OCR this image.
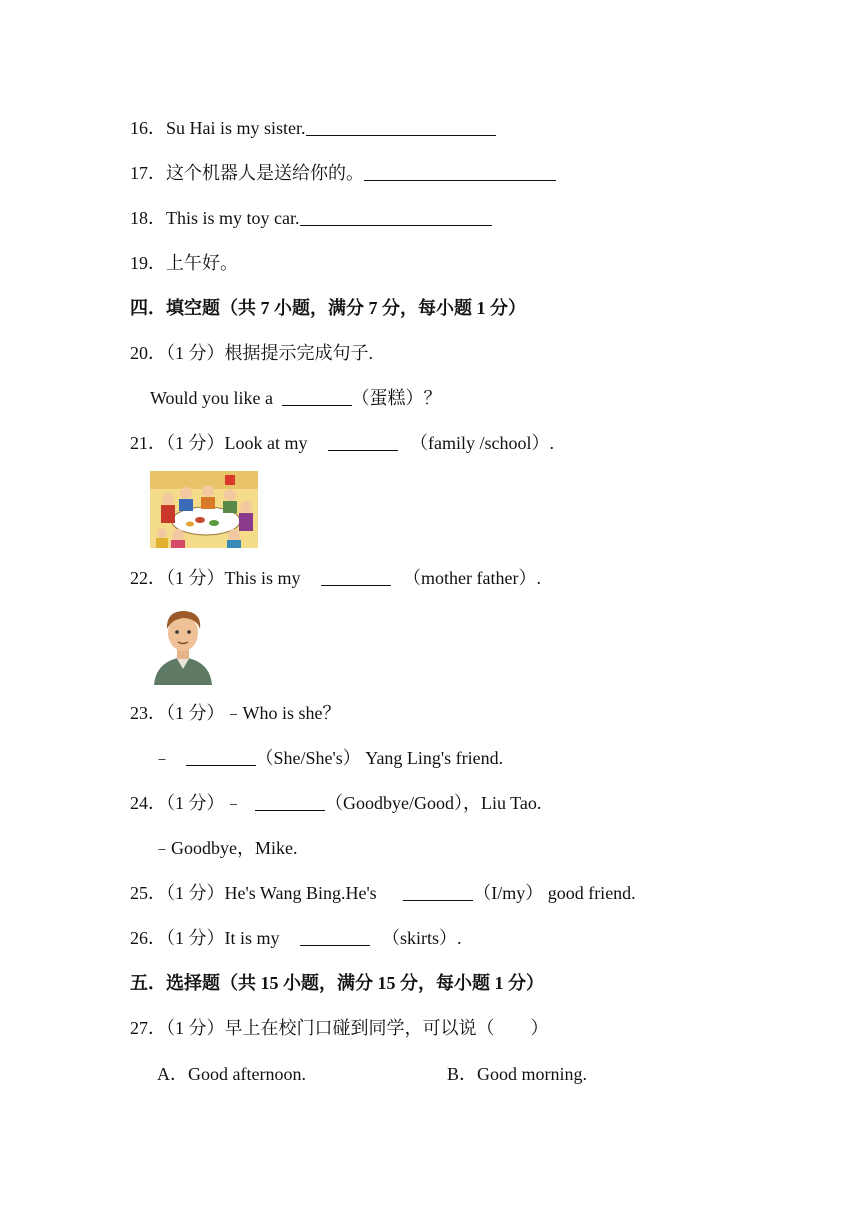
16．Su Hai is my sister.
17．这个机器人是送给你的。
18．This is my toy car.
19．上午好。
四．填空题（共 7 小题，满分 7 分，每小题 1 分）
20．（1 分）根据提示完成句子.
Would you like a	（蛋糕）？
21．（1 分）Look at my	（family /school）.
22．（1 分）This is my	（mother father）.
23．（1 分）﹣Who is she？
﹣	（She/She's） Yang Ling's friend.
24．（1 分）﹣	（Goodbye/Good），Liu Tao.
﹣Goodbye，Mike.
25．（1 分）He's Wang Bing.He's	（I/my） good friend.
26．（1 分）It is my	（skirts）.
五．选择题（共 15 小题，满分 15 分，每小题 1 分）
27．（1 分）早上在校门口碰到同学，可以说（　　）
A．Good afternoon.	B．Good morning.
